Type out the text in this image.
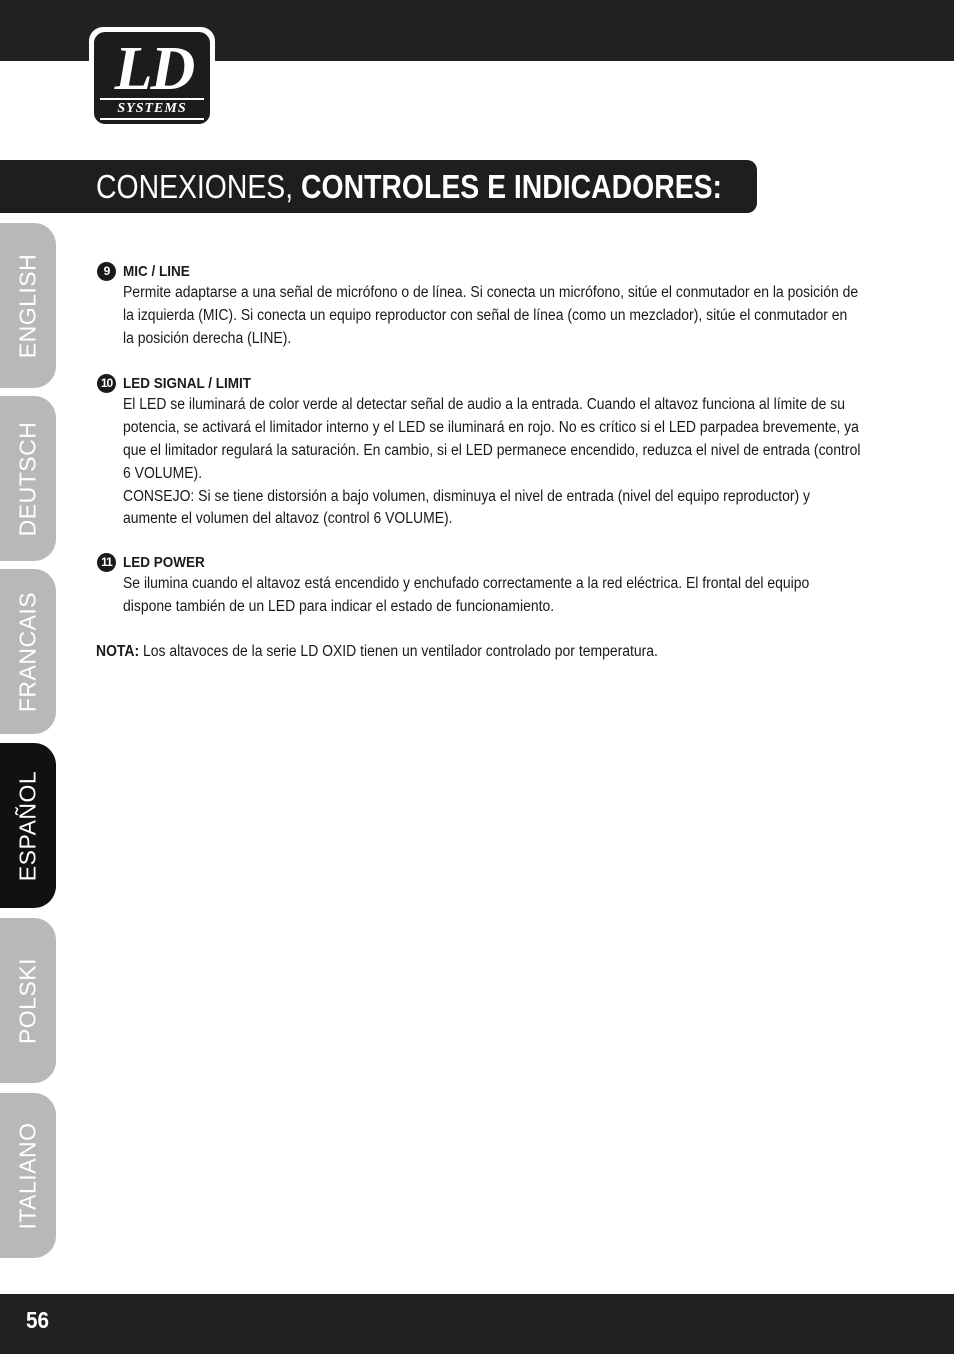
LD
SYSTEMS
CONEXIONES, CONTROLES E INDICADORES:
ENGLISH
DEUTSCH
FRANCAIS
ESPAÑOL
POLSKI
ITALIANO
9 MIC / LINE

Permite adaptarse a una señal de micrófono o de línea. Si conecta un micrófono, sitúe el conmutador en la posición de la izquierda (MIC). Si conecta un equipo reproductor con señal de línea (como un mezclador), sitúe el conmutador en la posición derecha (LINE).

10 LED SIGNAL / LIMIT

El LED se iluminará de color verde al detectar señal de audio a la entrada. Cuando el altavoz funciona al límite de su potencia, se activará el limitador interno y el LED se iluminará en rojo. No es crítico si el LED parpadea brevemente, ya que el limitador regulará la saturación. En cambio, si el LED permanece encendido, reduzca el nivel de entrada (control 6 VOLUME).

CONSEJO: Si se tiene distorsión a bajo volumen, disminuya el nivel de entrada (nivel del equipo reproductor) y aumente el volumen del altavoz (control 6 VOLUME).

11 LED POWER

Se ilumina cuando el altavoz está encendido y enchufado correctamente a la red eléctrica. El frontal del equipo dispone también de un LED para indicar el estado de funcionamiento.

NOTA: Los altavoces de la serie LD OXID tienen un ventilador controlado por temperatura.
56
